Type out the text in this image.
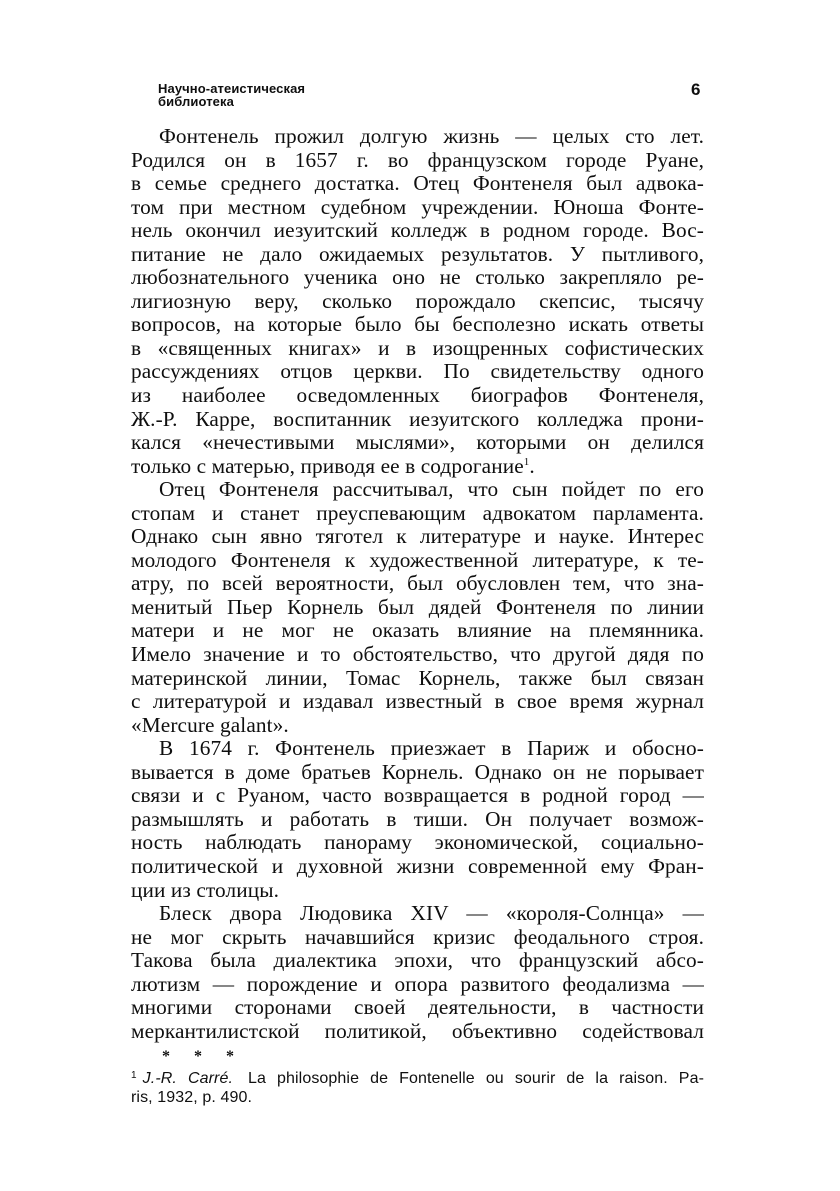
Научно-атеистическая
библиотека
6
Фонтенель прожил долгую жизнь — целых сто лет.
Родился он в 1657 г. во французском городе Руане,
в семье среднего достатка. Отец Фонтенеля был адвока-
том при местном судебном учреждении. Юноша Фонте-
нель окончил иезуитский колледж в родном городе. Вос-
питание не дало ожидаемых результатов. У пытливого,
любознательного ученика оно не столько закрепляло ре-
лигиозную веру, сколько порождало скепсис, тысячу
вопросов, на которые было бы бесполезно искать ответы
в «священных книгах» и в изощренных софистических
рассуждениях отцов церкви. По свидетельству одного
из наиболее осведомленных биографов Фонтенеля,
Ж.-Р. Карре, воспитанник иезуитского колледжа прони-
кался «нечестивыми мыслями», которыми он делился
только с матерью, приводя ее в содрогание$^1$.
Отец Фонтенеля рассчитывал, что сын пойдет по его
стопам и станет преуспевающим адвокатом парламента.
Однако сын явно тяготел к литературе и науке. Интерес
молодого Фонтенеля к художественной литературе, к те-
атру, по всей вероятности, был обусловлен тем, что зна-
менитый Пьер Корнель был дядей Фонтенеля по линии
матери и не мог не оказать влияние на племянника.
Имело значение и то обстоятельство, что другой дядя по
материнской линии, Томас Корнель, также был связан
с литературой и издавал известный в свое время журнал
«Mercure galant».
В 1674 г. Фонтенель приезжает в Париж и обосно-
вывается в доме братьев Корнель. Однако он не порывает
связи и с Руаном, часто возвращается в родной город —
размышлять и работать в тиши. Он получает возмож-
ность наблюдать панораму экономической, социально-
политической и духовной жизни современной ему Фран-
ции из столицы.
Блеск двора Людовика XIV — «короля-Солнца» —
не мог скрыть начавшийся кризис феодального строя.
Такова была диалектика эпохи, что французский абсо-
лютизм — порождение и опора развитого феодализма —
многими сторонами своей деятельности, в частности
меркантилистской политикой, объективно содействовал
* * *
$^1$ J.-R. Carré. La philosophie de Fontenelle ou sourir de la raison. Pa-
ris, 1932, p. 490.
